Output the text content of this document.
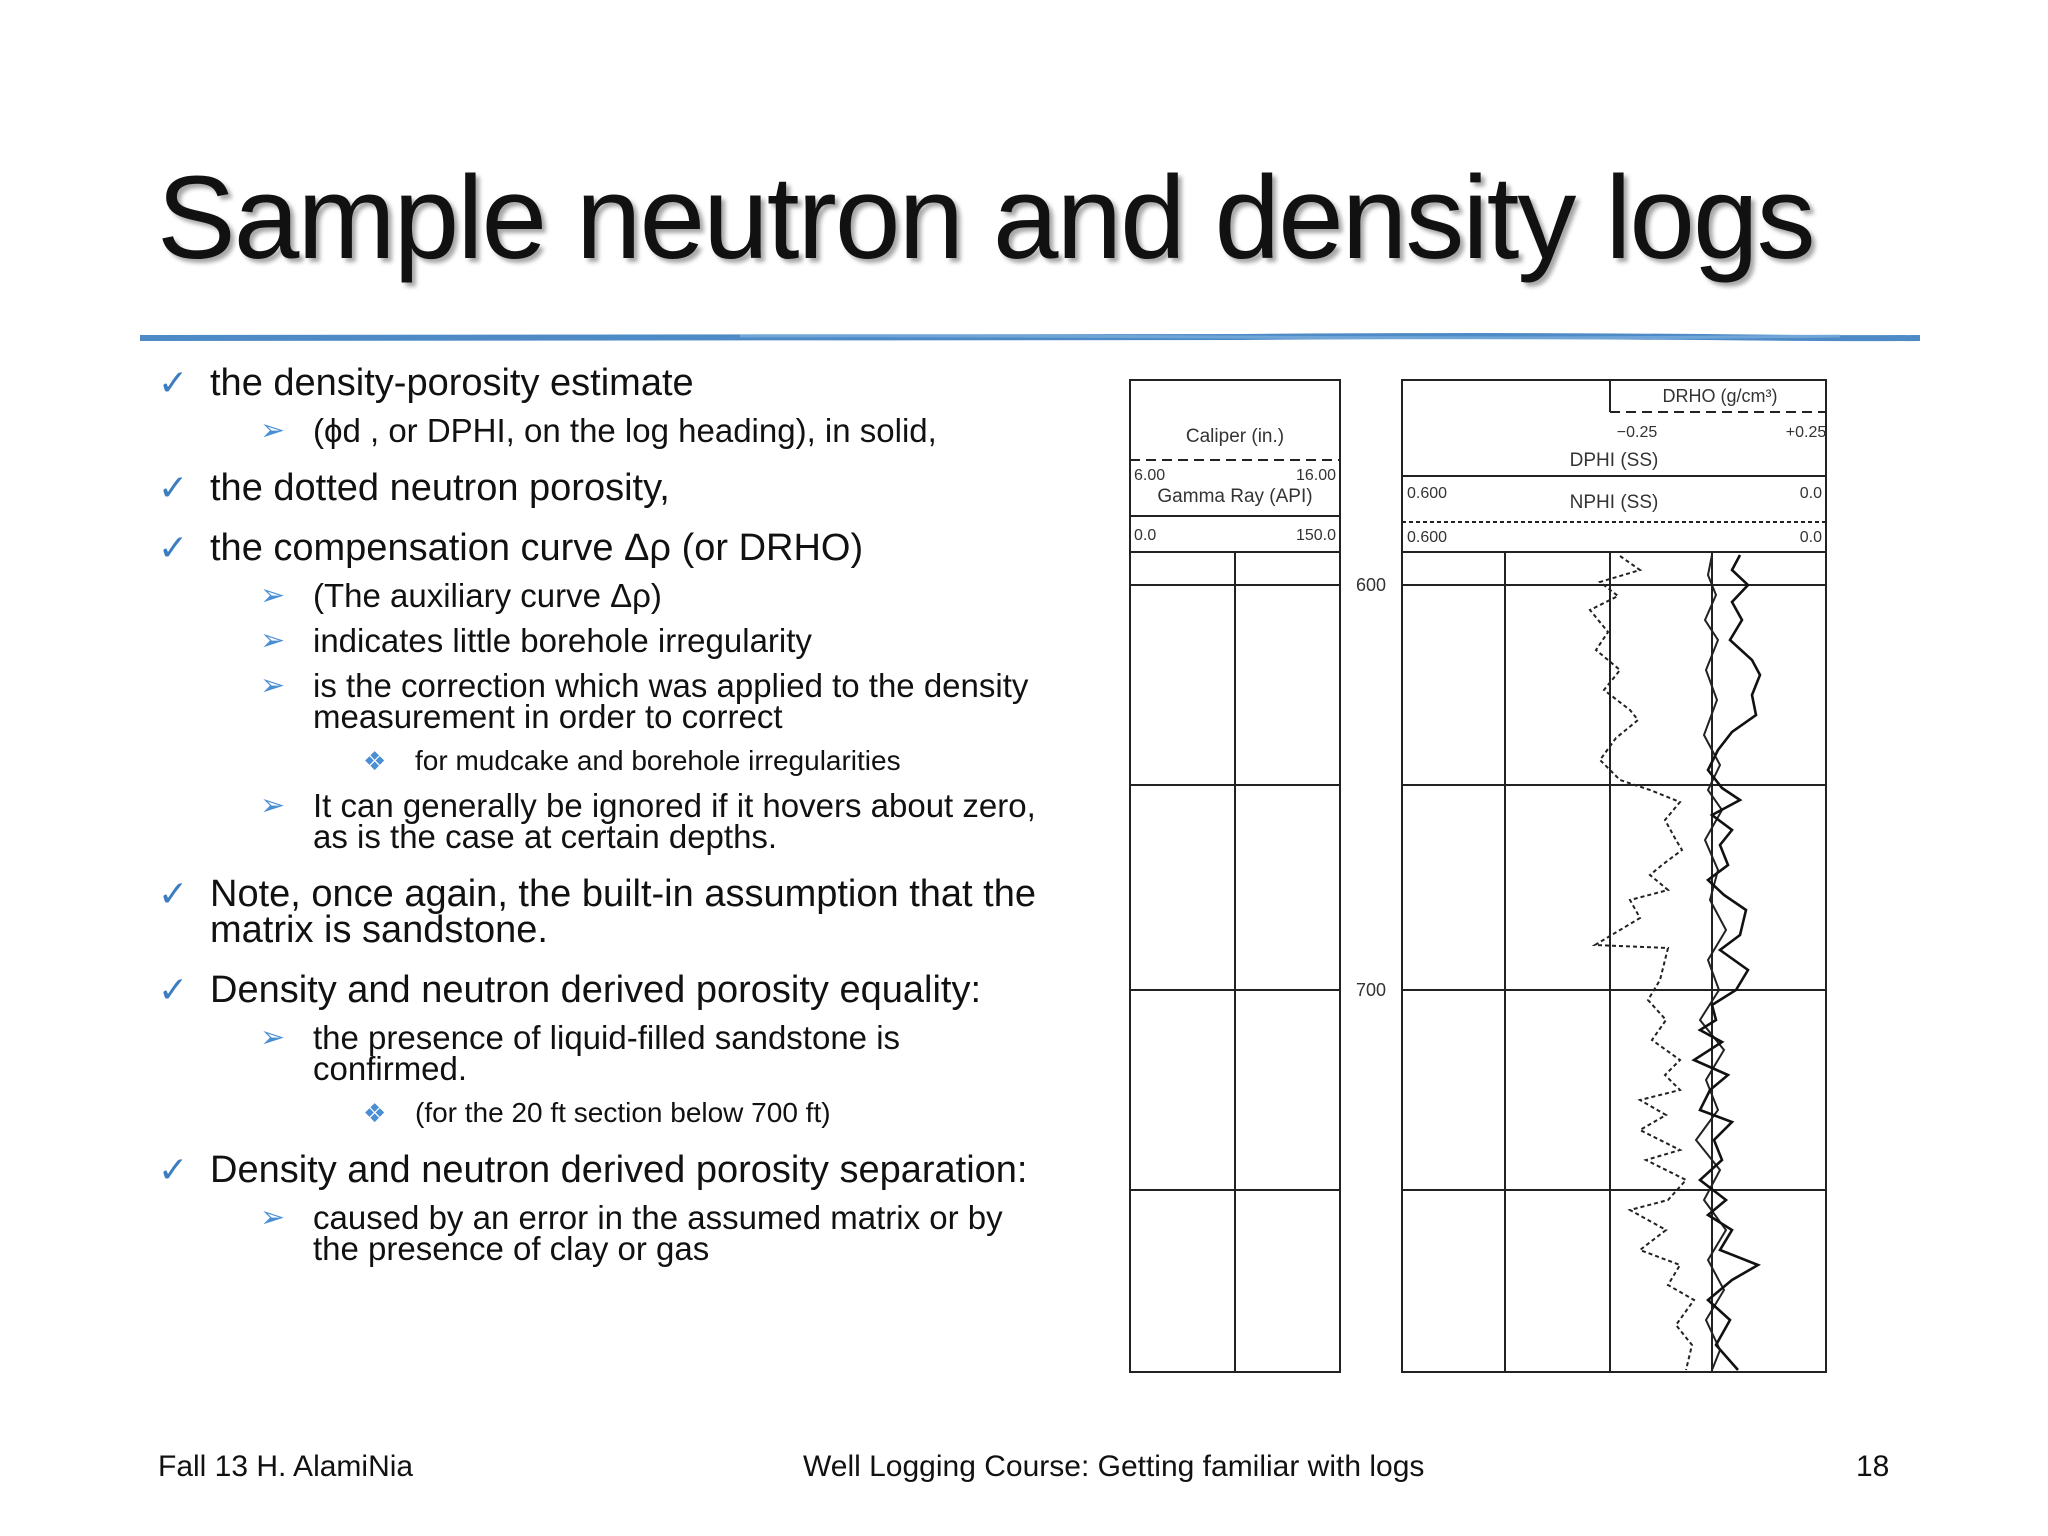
Sample neutron and density logs
✓ the density-porosity estimate
➢ (ϕd , or DPHI, on the log heading), in solid,
✓ the dotted neutron porosity,
✓ the compensation curve Δρ (or DRHO)
➢ (The auxiliary curve Δρ)
➢ indicates little borehole irregularity
➢ is the correction which was applied to the density measurement in order to correct
❖ for mudcake and borehole irregularities
➢ It can generally be ignored if it hovers about zero, as is the case at certain depths.
✓ Note, once again, the built-in assumption that the matrix is sandstone.
✓ Density and neutron derived porosity equality:
➢ the presence of liquid-filled sandstone is confirmed.
❖ (for the 20 ft section below 700 ft)
✓ Density and neutron derived porosity separation:
➢ caused by an error in the assumed matrix or by the presence of clay or gas
Caliper (in.)
6.00	16.00
Gamma Ray (API)
0.0	150.0
DRHO (g/cm³)
−0.25	+0.25
DPHI (SS)
0.600	0.0
NPHI (SS)
0.600	0.0
600
700
Fall 13 H. AlamiNia	Well Logging Course: Getting familiar with logs	18
